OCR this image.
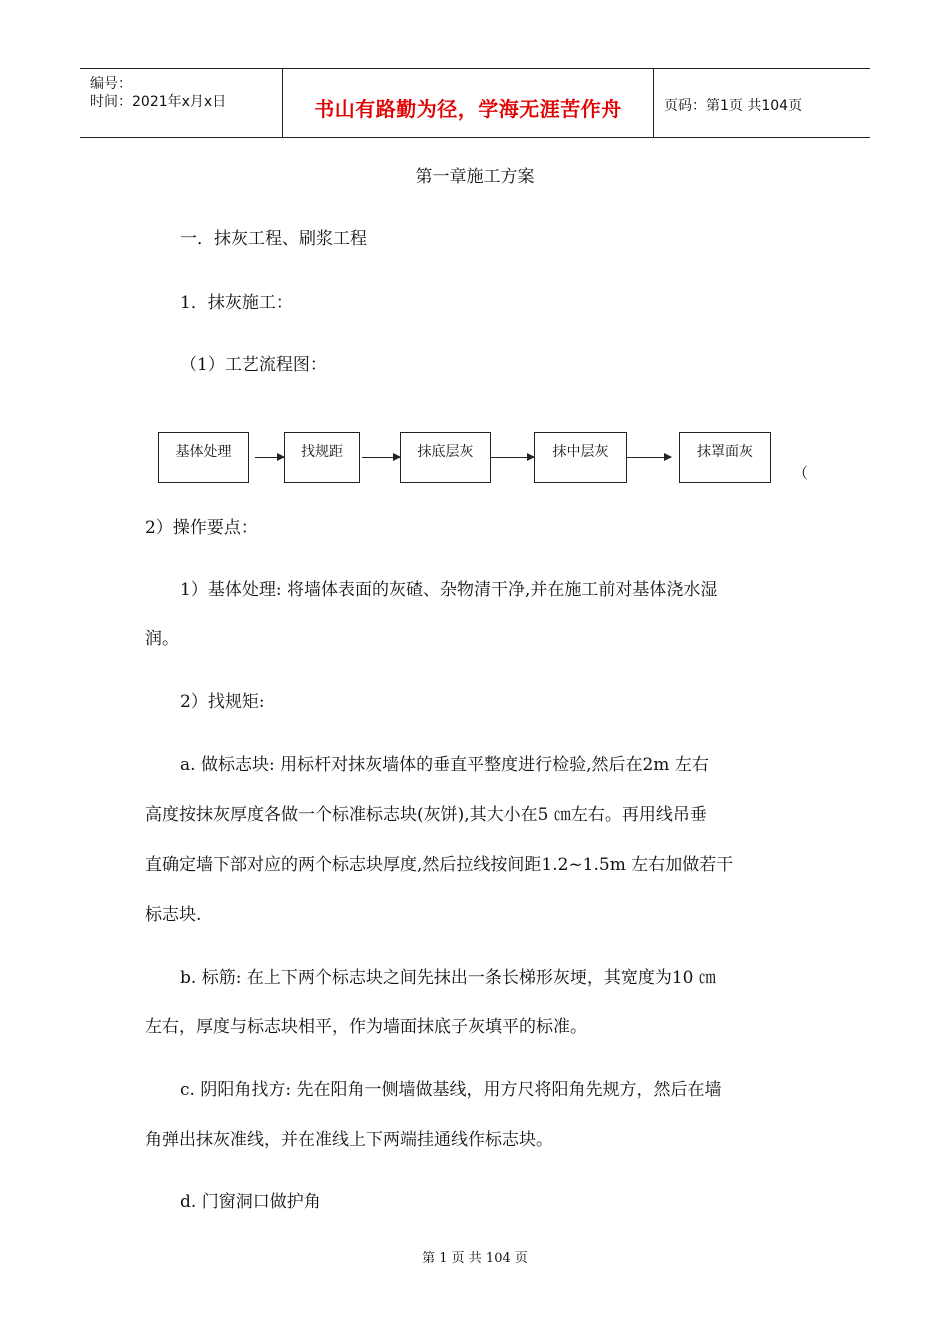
编号：
时间：2021年x月x日	书山有路勤为径，学海无涯苦作舟	页码：第1页 共104页
第一章施工方案
一．抹灰工程、刷浆工程
1．抹灰施工：
（1）工艺流程图：
基体处理	找规距	抹底层灰	抹中层灰	抹罩面灰
（
2）操作要点：
1）基体处理: 将墙体表面的灰碴、杂物清干净,并在施工前对基体浇水湿
润。
2）找规矩:
a. 做标志块: 用标杆对抹灰墙体的垂直平整度进行检验,然后在2m 左右
高度按抹灰厚度各做一个标准标志块(灰饼),其大小在5 ㎝左右。再用线吊垂
直确定墙下部对应的两个标志块厚度,然后拉线按间距1.2~1.5m 左右加做若干
标志块.
b. 标筋: 在上下两个标志块之间先抹出一条长梯形灰埂，其宽度为10 ㎝
左右，厚度与标志块相平，作为墙面抹底子灰填平的标准。
c. 阴阳角找方: 先在阳角一侧墙做基线，用方尺将阳角先规方，然后在墙
角弹出抹灰准线，并在准线上下两端挂通线作标志块。
d. 门窗洞口做护角
第 1 页 共 104 页
